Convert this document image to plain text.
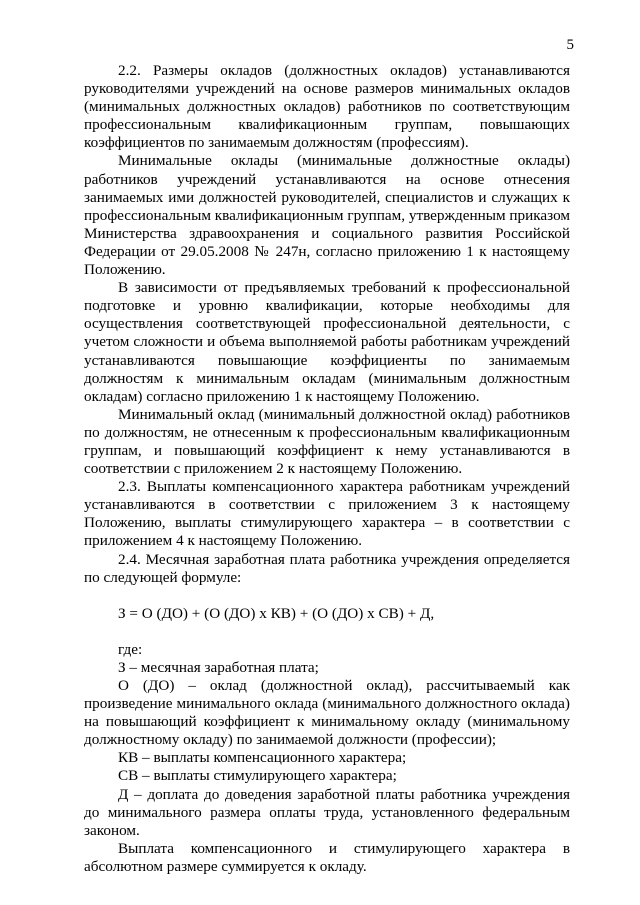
5

2.2. Размеры окладов (должностных окладов) устанавливаются руководителями учреждений на основе размеров минимальных окладов (минимальных должностных окладов) работников по соответствующим профессиональным квалификационным группам, повышающих коэффициентов по занимаемым должностям (профессиям).

Минимальные оклады (минимальные должностные оклады) работников учреждений устанавливаются на основе отнесения занимаемых ими должностей руководителей, специалистов и служащих к профессиональным квалификационным группам, утвержденным приказом Министерства здравоохранения и социального развития Российской Федерации от 29.05.2008 № 247н, согласно приложению 1 к настоящему Положению.

В зависимости от предъявляемых требований к профессиональной подготовке и уровню квалификации, которые необходимы для осуществления соответствующей профессиональной деятельности, с учетом сложности и объема выполняемой работы работникам учреждений устанавливаются повышающие коэффициенты по занимаемым должностям к минимальным окладам (минимальным должностным окладам) согласно приложению 1 к настоящему Положению.

Минимальный оклад (минимальный должностной оклад) работников по должностям, не отнесенным к профессиональным квалификационным группам, и повышающий коэффициент к нему устанавливаются в соответствии с приложением 2 к настоящему Положению.

2.3. Выплаты компенсационного характера работникам учреждений устанавливаются в соответствии с приложением 3 к настоящему Положению, выплаты стимулирующего характера – в соответствии с приложением 4 к настоящему Положению.

2.4. Месячная заработная плата работника учреждения определяется по следующей формуле:

З = О (ДО) + (О (ДО) х КВ) + (О (ДО) х СВ) + Д,

где:

З – месячная заработная плата;

О (ДО) – оклад (должностной оклад), рассчитываемый как произведение минимального оклада (минимального должностного оклада) на повышающий коэффициент к минимальному окладу (минимальному должностному окладу) по занимаемой должности (профессии);

КВ – выплаты компенсационного характера;

СВ – выплаты стимулирующего характера;

Д – доплата до доведения заработной платы работника учреждения до минимального размера оплаты труда, установленного федеральным законом.

Выплата компенсационного и стимулирующего характера в абсолютном размере суммируется к окладу.
